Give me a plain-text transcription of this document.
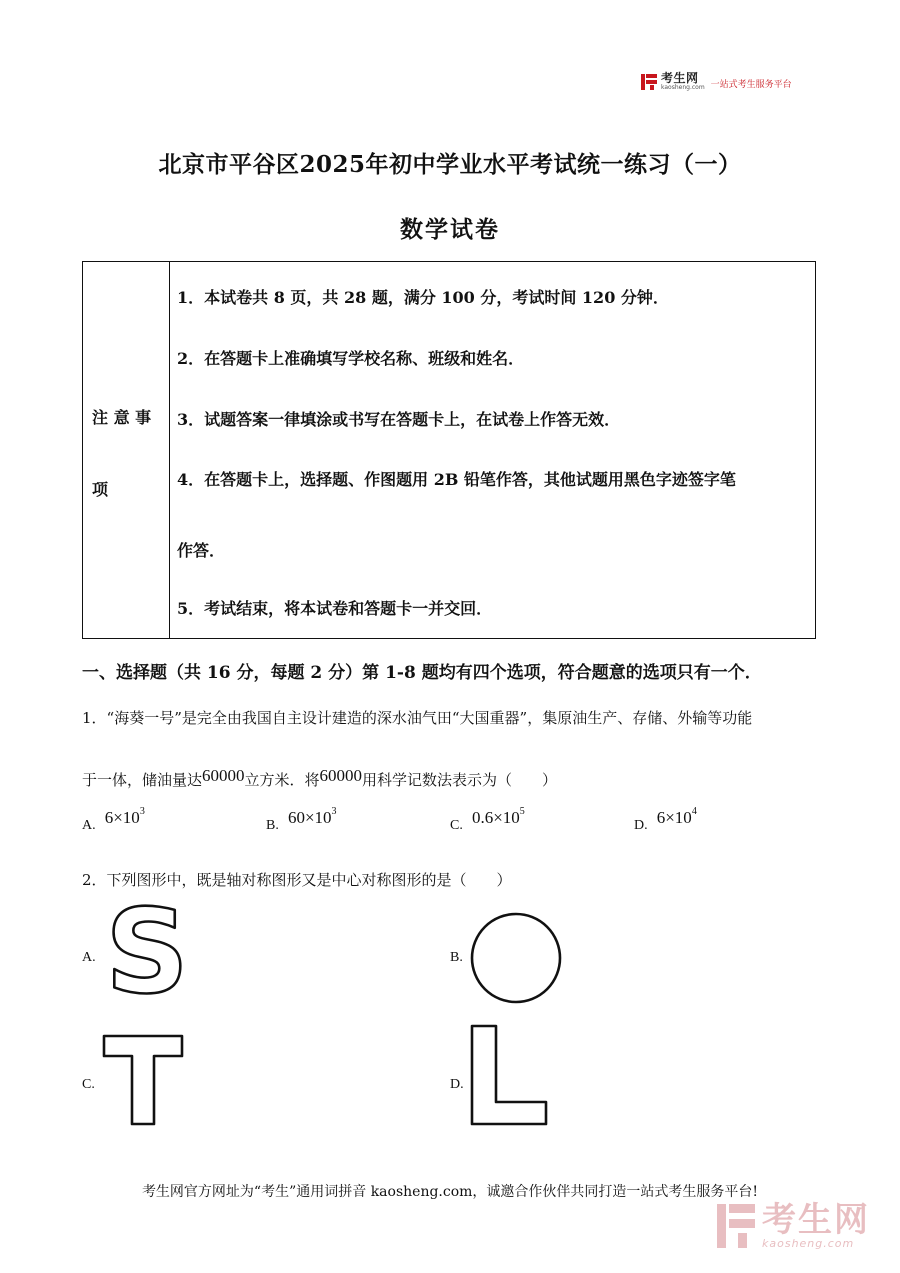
考生网
kaosheng.com 一站式考生服务平台
北京市平谷区2025年初中学业水平考试统一练习（一）
数学试卷
注 意 事
项
1．本试卷共 8 页，共 28 题，满分 100 分，考试时间 120 分钟．
2．在答题卡上准确填写学校名称、班级和姓名．
3．试题答案一律填涂或书写在答题卡上，在试卷上作答无效．
4．在答题卡上，选择题、作图题用 2B 铅笔作答，其他试题用黑色字迹签字笔
作答．
5．考试结束，将本试卷和答题卡一并交回．
一、选择题（共 16 分，每题 2 分）第 1-8 题均有四个选项，符合题意的选项只有一个．
1．“海葵一号”是完全由我国自主设计建造的深水油气田“大国重器”，集原油生产、存储、外输等功能
于一体，储油量达60000立方米．将60000用科学记数法表示为（　　）
A. $6\times 10^3$
B. $60\times 10^3$
C. $0.6\times 10^5$
D. $6\times 10^4$
2．下列图形中，既是轴对称图形又是中心对称图形的是（　　）
A. S	B.
C.	D.
考生网官方网址为“考生”通用词拼音 kaosheng.com，诚邀合作伙伴共同打造一站式考生服务平台!
考生网
kaosheng.com
